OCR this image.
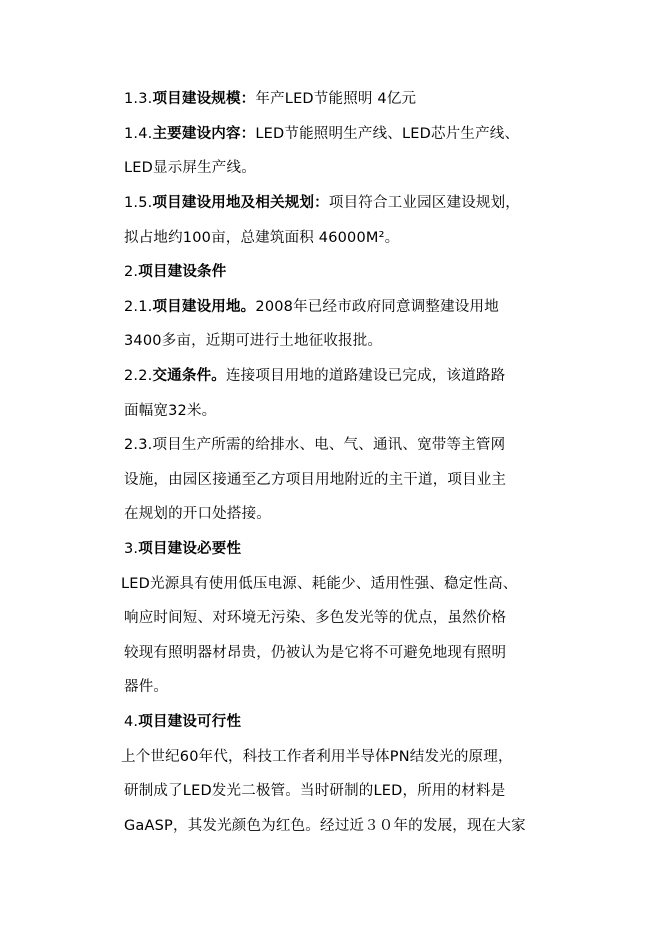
1.3.项目建设规模：年产LED节能照明 4亿元
1.4.主要建设内容：LED节能照明生产线、LED芯片生产线、
LED显示屏生产线。
1.5.项目建设用地及相关规划：项目符合工业园区建设规划，
拟占地约100亩，总建筑面积 46000M²。
2.项目建设条件
2.1.项目建设用地。2008年已经市政府同意调整建设用地
3400多亩，近期可进行土地征收报批。
2.2.交通条件。连接项目用地的道路建设已完成，该道路路
面幅宽32米。
2.3.项目生产所需的给排水、电、气、通讯、宽带等主管网
设施，由园区接通至乙方项目用地附近的主干道，项目业主
在规划的开口处搭接。
3.项目建设必要性
LED光源具有使用低压电源、耗能少、适用性强、稳定性高、
响应时间短、对环境无污染、多色发光等的优点，虽然价格
较现有照明器材昂贵，仍被认为是它将不可避免地现有照明
器件。
4.项目建设可行性
上个世纪60年代，科技工作者利用半导体PN结发光的原理，
研制成了LED发光二极管。当时研制的LED，所用的材料是
GaASP，其发光颜色为红色。经过近３０年的发展，现在大家
